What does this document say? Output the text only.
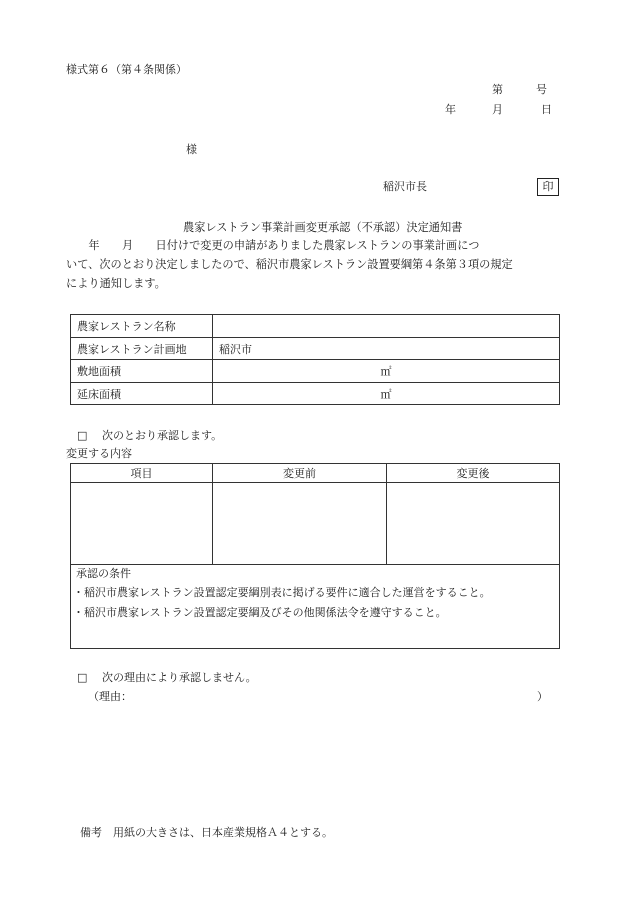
様式第６（第４条関係）
第　　　号
年	月	日
様
稲沢市長	印
農家レストラン事業計画変更承認（不承認）決定通知書
　　年　　月　　日付けで変更の申請がありました農家レストランの事業計画につ
いて、次のとおり決定しましたので、稲沢市農家レストラン設置要綱第４条第３項の規定
により通知します。
農家レストラン名称	
農家レストラン計画地	稲沢市
敷地面積	㎡
延床面積	㎡
□ 次のとおり承認します。
変更する内容
項目	変更前	変更後

承認の条件
・稲沢市農家レストラン設置認定要綱別表に掲げる要件に適合した運営をすること。
・稲沢市農家レストラン設置認定要綱及びその他関係法令を遵守すること。
□ 次の理由により承認しません。
（理由：	）
備考　用紙の大きさは、日本産業規格Ａ４とする。
